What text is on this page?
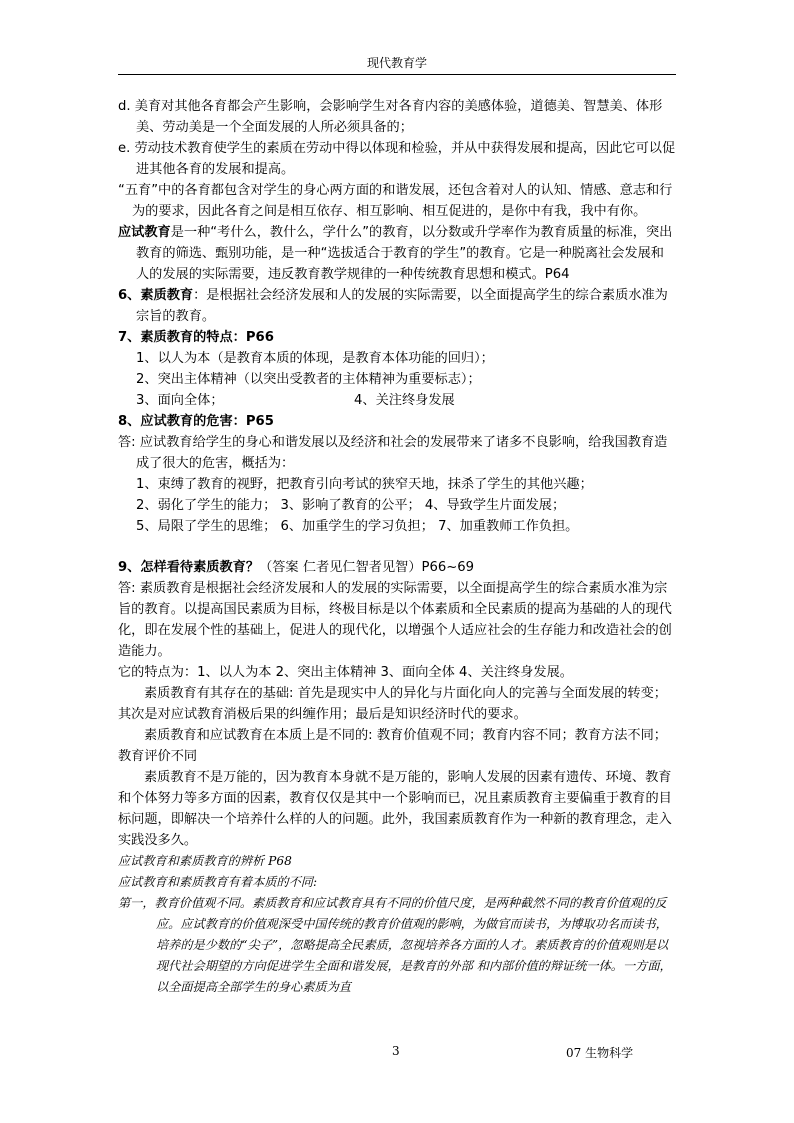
现代教育学

d. 美育对其他各育都会产生影响，会影响学生对各育内容的美感体验，道德美、智慧美、体形美、劳动美是一个全面发展的人所必须具备的；

e. 劳动技术教育使学生的素质在劳动中得以体现和检验，并从中获得发展和提高，因此它可以促进其他各育的发展和提高。

“五育”中的各育都包含对学生的身心两方面的和谐发展，还包含着对人的认知、情感、意志和行为的要求，因此各育之间是相互依存、相互影响、相互促进的，是你中有我，我中有你。

应试教育是一种“考什么，教什么，学什么”的教育，以分数或升学率作为教育质量的标准，突出教育的筛选、甄别功能，是一种“选拔适合于教育的学生”的教育。它是一种脱离社会发展和人的发展的实际需要，违反教育教学规律的一种传统教育思想和模式。P64

6、素质教育：是根据社会经济发展和人的发展的实际需要，以全面提高学生的综合素质水准为宗旨的教育。

7、素质教育的特点：P66

1、以人为本（是教育本质的体现，是教育本体功能的回归）；

2、突出主体精神（以突出受教者的主体精神为重要标志）；

3、面向全体；	4、关注终身发展

8、应试教育的危害：P65

答: 应试教育给学生的身心和谐发展以及经济和社会的发展带来了诸多不良影响，给我国教育造成了很大的危害，概括为：

1、束缚了教育的视野，把教育引向考试的狭窄天地，抹杀了学生的其他兴趣；

2、弱化了学生的能力； 3、影响了教育的公平； 4、导致学生片面发展；

5、局限了学生的思维； 6、加重学生的学习负担； 7、加重教师工作负担。

9、怎样看待素质教育？（答案 仁者见仁智者见智）P66~69

答: 素质教育是根据社会经济发展和人的发展的实际需要，以全面提高学生的综合素质水准为宗旨的教育。以提高国民素质为目标，终极目标是以个体素质和全民素质的提高为基础的人的现代化，即在发展个性的基础上，促进人的现代化，以增强个人适应社会的生存能力和改造社会的创造能力。

它的特点为：1、以人为本 2、突出主体精神 3、面向全体 4、关注终身发展。

素质教育有其存在的基础: 首先是现实中人的异化与片面化向人的完善与全面发展的转变；其次是对应试教育消极后果的纠缠作用；最后是知识经济时代的要求。

素质教育和应试教育在本质上是不同的: 教育价值观不同；教育内容不同；教育方法不同；教育评价不同

素质教育不是万能的，因为教育本身就不是万能的，影响人发展的因素有遗传、环境、教育和个体努力等多方面的因素，教育仅仅是其中一个影响而已，况且素质教育主要偏重于教育的目标问题，即解决一个培养什么样的人的问题。此外，我国素质教育作为一种新的教育理念，走入实践没多久。

应试教育和素质教育的辨析 P68

应试教育和素质教育有着本质的不同:

第一，教育价值观不同。素质教育和应试教育具有不同的价值尺度，是两种截然不同的教育价值观的反应。应试教育的价值观深受中国传统的教育价值观的影响，为做官而读书，为博取功名而读书，培养的是少数的“尖子”，忽略提高全民素质，忽视培养各方面的人才。素质教育的价值观则是以现代社会期望的方向促进学生全面和谐发展，是教育的外部 和内部价值的辩证统一体。一方面，以全面提高全部学生的身心素质为直

3	07 生物科学
